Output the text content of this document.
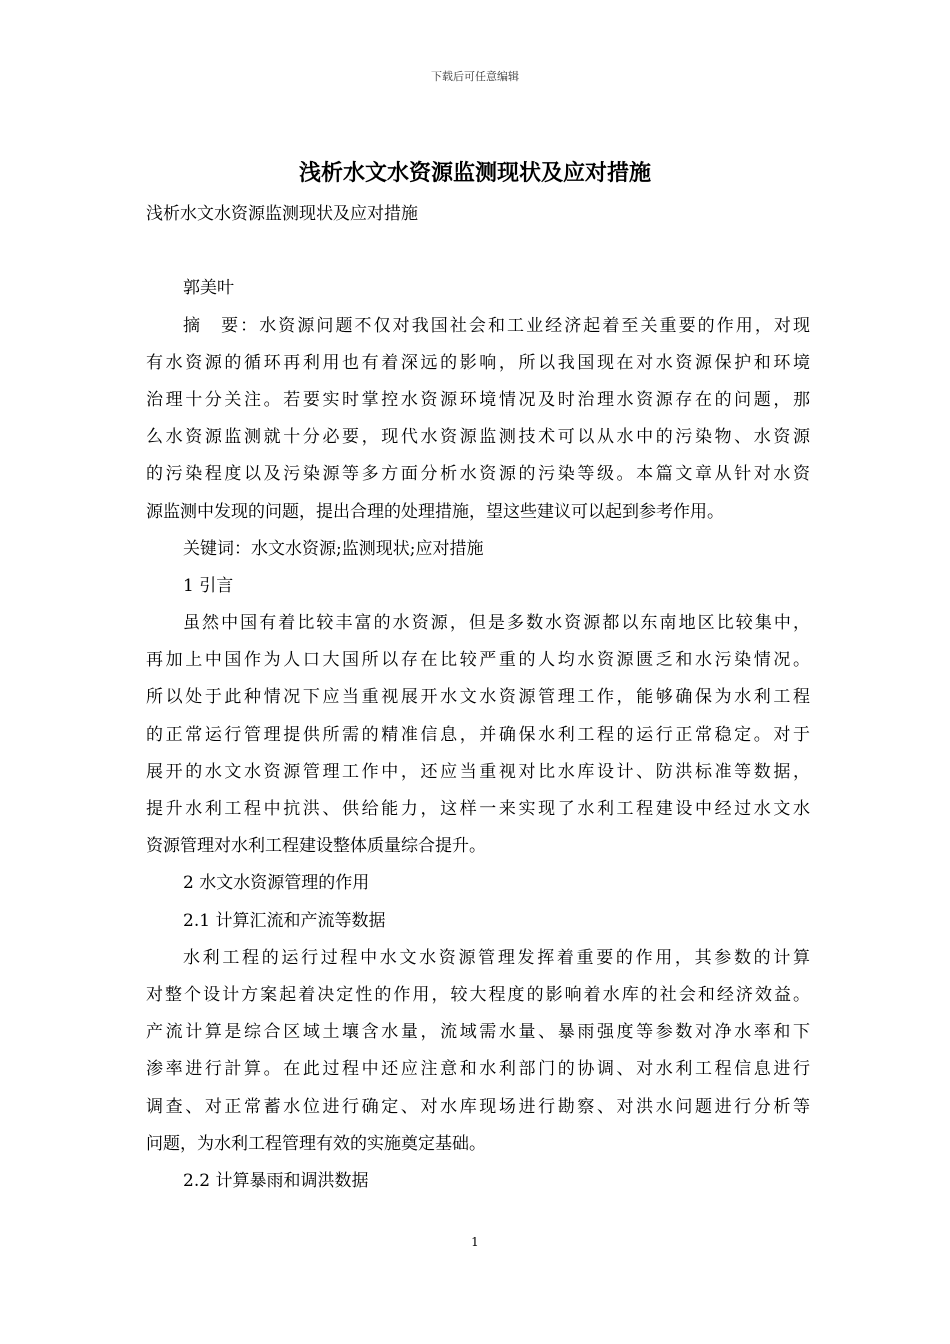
下载后可任意编辑
浅析水文水资源监测现状及应对措施
浅析水文水资源监测现状及应对措施
郭美叶
摘　要：水资源问题不仅对我国社会和工业经济起着至关重要的作用，对现
有水资源的循环再利用也有着深远的影响，所以我国现在对水资源保护和环境
治理十分关注。若要实时掌控水资源环境情况及时治理水资源存在的问题，那
么水资源监测就十分必要，现代水资源监测技术可以从水中的污染物、水资源
的污染程度以及污染源等多方面分析水资源的污染等级。本篇文章从针对水资
源监测中发现的问题，提出合理的处理措施，望这些建议可以起到参考作用。
关键词：水文水资源;监测现状;应对措施
1 引言
虽然中国有着比较丰富的水资源，但是多数水资源都以东南地区比较集中，
再加上中国作为人口大国所以存在比较严重的人均水资源匮乏和水污染情况。
所以处于此种情况下应当重视展开水文水资源管理工作，能够确保为水利工程
的正常运行管理提供所需的精准信息，并确保水利工程的运行正常稳定。对于
展开的水文水资源管理工作中，还应当重视对比水库设计、防洪标准等数据，
提升水利工程中抗洪、供给能力，这样一来实现了水利工程建设中经过水文水
资源管理对水利工程建设整体质量综合提升。
2 水文水资源管理的作用
2.1 计算汇流和产流等数据
水利工程的运行过程中水文水资源管理发挥着重要的作用，其参数的计算
对整个设计方案起着决定性的作用，较大程度的影响着水库的社会和经济效益。
产流计算是综合区域土壤含水量，流域需水量、暴雨强度等参数对净水率和下
渗率进行計算。在此过程中还应注意和水利部门的协调、对水利工程信息进行
调查、对正常蓄水位进行确定、对水库现场进行勘察、对洪水问题进行分析等
问题，为水利工程管理有效的实施奠定基础。
2.2 计算暴雨和调洪数据
1
